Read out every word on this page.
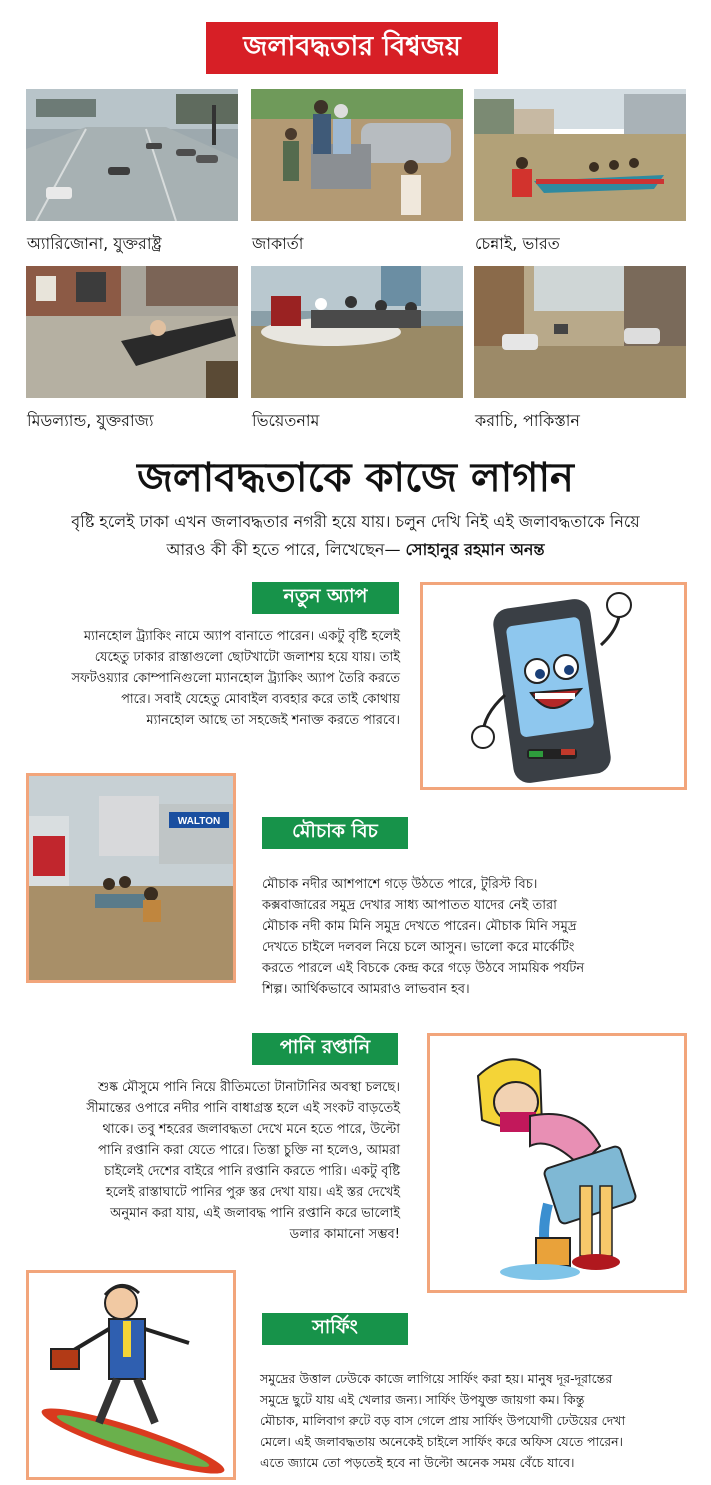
জলাবদ্ধতার বিশ্বজয়
অ্যারিজোনা, যুক্তরাষ্ট্র	জাকার্তা	চেন্নাই, ভারত
মিডল্যান্ড, যুক্তরাজ্য	ভিয়েতনাম	করাচি, পাকিস্তান
জলাবদ্ধতাকে কাজে লাগান
বৃষ্টি হলেই ঢাকা এখন জলাবদ্ধতার নগরী হয়ে যায়। চলুন দেখি নিই এই জলাবদ্ধতাকে নিয়ে
আরও কী কী হতে পারে, লিখেছেন— সোহানুর রহমান অনন্ত
নতুন অ্যাপ
ম্যানহোল ট্র্যাকিং নামে অ্যাপ বানাতে পারেন। একটু বৃষ্টি হলেই
যেহেতু ঢাকার রাস্তাগুলো ছোটখাটো জলাশয় হয়ে যায়। তাই
সফটওয়্যার কোম্পানিগুলো ম্যানহোল ট্র্যাকিং অ্যাপ তৈরি করতে
পারে। সবাই যেহেতু মোবাইল ব্যবহার করে তাই কোথায়
ম্যানহোল আছে তা সহজেই শনাক্ত করতে পারবে।
WALTON	মৌচাক বিচ
মৌচাক নদীর আশপাশে গড়ে উঠতে পারে, টুরিস্ট বিচ।
কক্সবাজারের সমুদ্র দেখার সাধ্য আপাতত যাদের নেই তারা
মৌচাক নদী কাম মিনি সমুদ্র দেখতে পারেন। মৌচাক মিনি সমুদ্র
দেখতে চাইলে দলবল নিয়ে চলে আসুন। ভালো করে মার্কেটিং
করতে পারলে এই বিচকে কেন্দ্র করে গড়ে উঠবে সাময়িক পর্যটন
শিল্প। আর্থিকভাবে আমরাও লাভবান হব।
পানি রপ্তানি
শুষ্ক মৌসুমে পানি নিয়ে রীতিমতো টানাটানির অবস্থা চলছে।
সীমান্তের ওপারে নদীর পানি বাধাগ্রস্ত হলে এই সংকট বাড়তেই
থাকে। তবু শহরের জলাবদ্ধতা দেখে মনে হতে পারে, উল্টো
পানি রপ্তানি করা যেতে পারে। তিস্তা চুক্তি না হলেও, আমরা
চাইলেই দেশের বাইরে পানি রপ্তানি করতে পারি। একটু বৃষ্টি
হলেই রাস্তাঘাটে পানির পুরু স্তর দেখা যায়। এই স্তর দেখেই
অনুমান করা যায়, এই জলাবদ্ধ পানি রপ্তানি করে ভালোই
ডলার কামানো সম্ভব!
সার্ফিং
সমুদ্রের উত্তাল ঢেউকে কাজে লাগিয়ে সার্ফিং করা হয়। মানুষ দূর-দূরান্তের
সমুদ্রে ছুটে যায় এই খেলার জন্য। সার্ফিং উপযুক্ত জায়গা কম। কিন্তু
মৌচাক, মালিবাগ রুটে বড় বাস গেলে প্রায় সার্ফিং উপযোগী ঢেউয়ের দেখা
মেলে। এই জলাবদ্ধতায় অনেকেই চাইলে সার্ফিং করে অফিস যেতে পারেন।
এতে জ্যামে তো পড়তেই হবে না উল্টো অনেক সময় বেঁচে যাবে।
